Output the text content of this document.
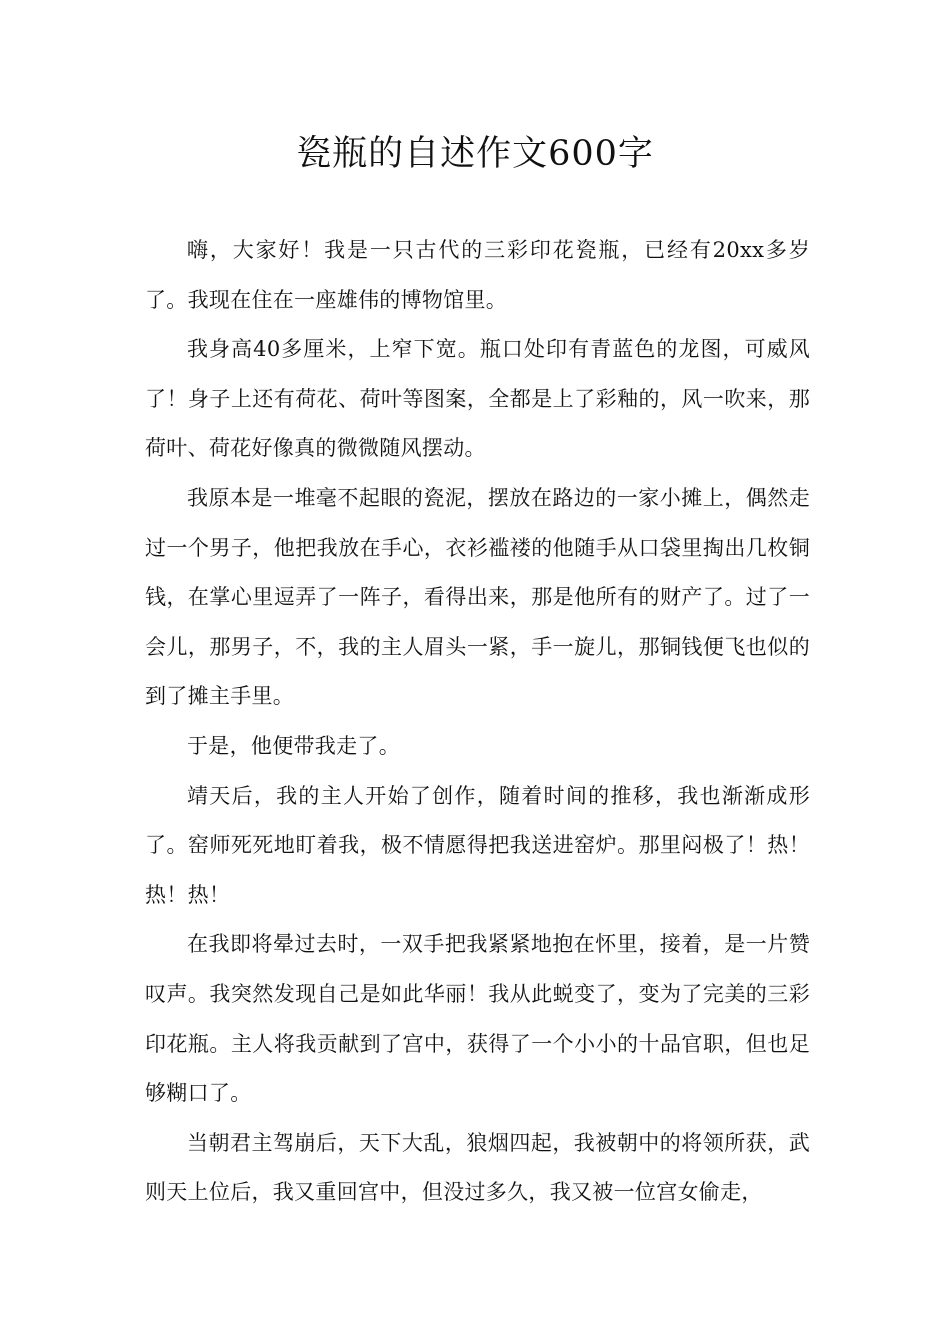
瓷瓶的自述作文600字

嗨，大家好！我是一只古代的三彩印花瓷瓶，已经有20xx多岁了。我现在住在一座雄伟的博物馆里。

我身高40多厘米，上窄下宽。瓶口处印有青蓝色的龙图，可威风了！身子上还有荷花、荷叶等图案，全都是上了彩釉的，风一吹来，那荷叶、荷花好像真的微微随风摆动。

我原本是一堆毫不起眼的瓷泥，摆放在路边的一家小摊上，偶然走过一个男子，他把我放在手心，衣衫褴褛的他随手从口袋里掏出几枚铜钱，在掌心里逗弄了一阵子，看得出来，那是他所有的财产了。过了一会儿，那男子，不，我的主人眉头一紧，手一旋儿，那铜钱便飞也似的到了摊主手里。

于是，他便带我走了。

靖天后，我的主人开始了创作，随着时间的推移，我也渐渐成形了。窑师死死地盯着我，极不情愿得把我送进窑炉。那里闷极了！热！热！热！

在我即将晕过去时，一双手把我紧紧地抱在怀里，接着，是一片赞叹声。我突然发现自己是如此华丽！我从此蜕变了，变为了完美的三彩印花瓶。主人将我贡献到了宫中，获得了一个小小的十品官职，但也足够糊口了。

当朝君主驾崩后，天下大乱，狼烟四起，我被朝中的将领所获，武则天上位后，我又重回宫中，但没过多久，我又被一位宫女偷走，
